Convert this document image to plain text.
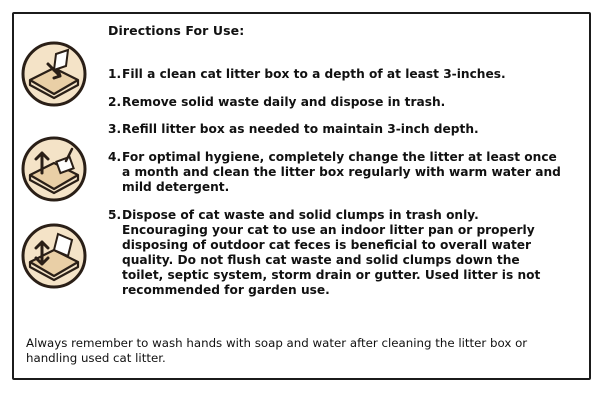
Directions For Use:
1. Fill a clean cat litter box to a depth of at least 3-inches.
2. Remove solid waste daily and dispose in trash.
3. Refill litter box as needed to maintain 3-inch depth.
4. For optimal hygiene, completely change the litter at least once a month and clean the litter box regularly with warm water and mild detergent.
5. Dispose of cat waste and solid clumps in trash only. Encouraging your cat to use an indoor litter pan or properly disposing of outdoor cat feces is beneficial to overall water quality. Do not flush cat waste and solid clumps down the toilet, septic system, storm drain or gutter. Used litter is not recommended for garden use.
Always remember to wash hands with soap and water after cleaning the litter box or handling used cat litter.
